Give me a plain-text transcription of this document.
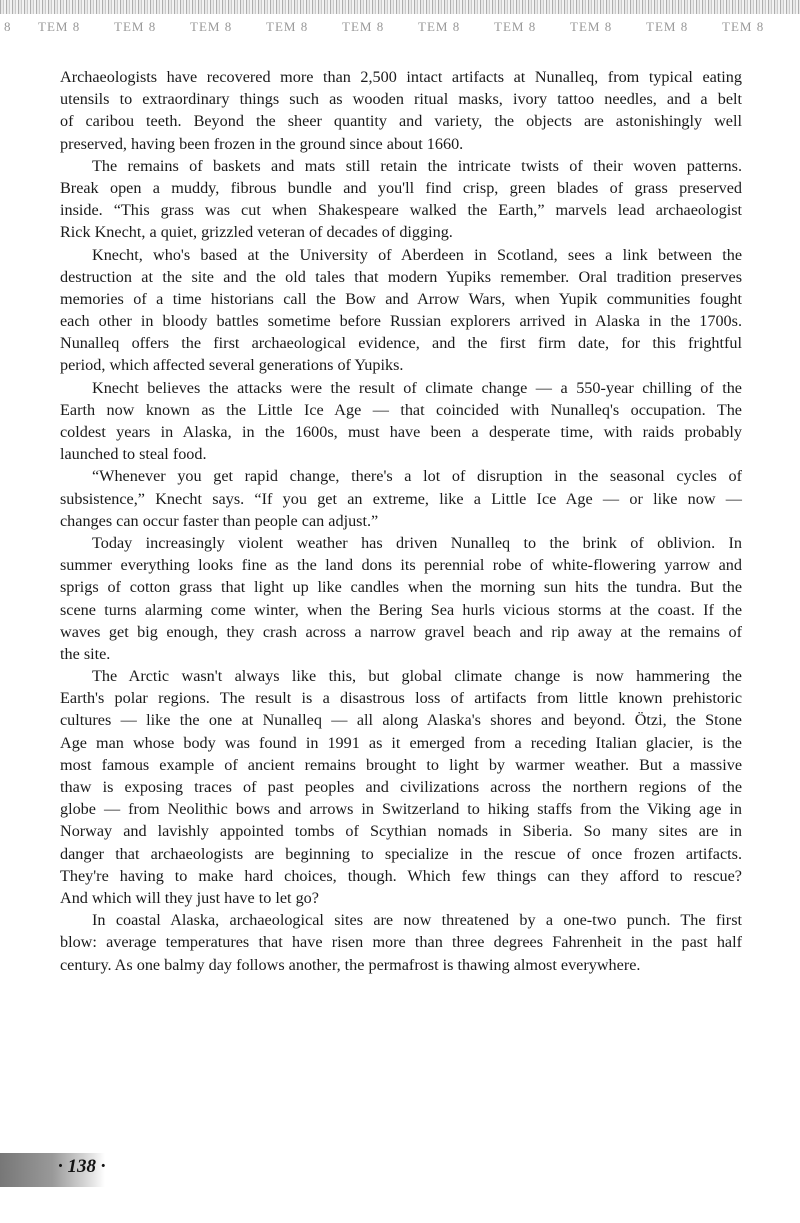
8 TEM 8	TEM 8	TEM 8	TEM 8	TEM 8	TEM 8	TEM 8	TEM 8	TEM 8	TEM 8
Archaeologists have recovered more than 2,500 intact artifacts at Nunalleq, from typical eating
utensils to extraordinary things such as wooden ritual masks, ivory tattoo needles, and a belt
of caribou teeth. Beyond the sheer quantity and variety, the objects are astonishingly well
preserved, having been frozen in the ground since about 1660.
The remains of baskets and mats still retain the intricate twists of their woven patterns.
Break open a muddy, fibrous bundle and you'll find crisp, green blades of grass preserved
inside. “This grass was cut when Shakespeare walked the Earth,” marvels lead archaeologist
Rick Knecht, a quiet, grizzled veteran of decades of digging.
Knecht, who's based at the University of Aberdeen in Scotland, sees a link between the
destruction at the site and the old tales that modern Yupiks remember. Oral tradition preserves
memories of a time historians call the Bow and Arrow Wars, when Yupik communities fought
each other in bloody battles sometime before Russian explorers arrived in Alaska in the 1700s.
Nunalleq offers the first archaeological evidence, and the first firm date, for this frightful
period, which affected several generations of Yupiks.
Knecht believes the attacks were the result of climate change — a 550-year chilling of the
Earth now known as the Little Ice Age — that coincided with Nunalleq's occupation. The
coldest years in Alaska, in the 1600s, must have been a desperate time, with raids probably
launched to steal food.
“Whenever you get rapid change, there's a lot of disruption in the seasonal cycles of
subsistence,” Knecht says. “If you get an extreme, like a Little Ice Age — or like now —
changes can occur faster than people can adjust.”
Today increasingly violent weather has driven Nunalleq to the brink of oblivion. In
summer everything looks fine as the land dons its perennial robe of white-flowering yarrow and
sprigs of cotton grass that light up like candles when the morning sun hits the tundra. But the
scene turns alarming come winter, when the Bering Sea hurls vicious storms at the coast. If the
waves get big enough, they crash across a narrow gravel beach and rip away at the remains of
the site.
The Arctic wasn't always like this, but global climate change is now hammering the
Earth's polar regions. The result is a disastrous loss of artifacts from little known prehistoric
cultures — like the one at Nunalleq — all along Alaska's shores and beyond. Ötzi, the Stone
Age man whose body was found in 1991 as it emerged from a receding Italian glacier, is the
most famous example of ancient remains brought to light by warmer weather. But a massive
thaw is exposing traces of past peoples and civilizations across the northern regions of the
globe — from Neolithic bows and arrows in Switzerland to hiking staffs from the Viking age in
Norway and lavishly appointed tombs of Scythian nomads in Siberia. So many sites are in
danger that archaeologists are beginning to specialize in the rescue of once frozen artifacts.
They're having to make hard choices, though. Which few things can they afford to rescue?
And which will they just have to let go?
In coastal Alaska, archaeological sites are now threatened by a one-two punch. The first
blow: average temperatures that have risen more than three degrees Fahrenheit in the past half
century. As one balmy day follows another, the permafrost is thawing almost everywhere.
· 138 ·
